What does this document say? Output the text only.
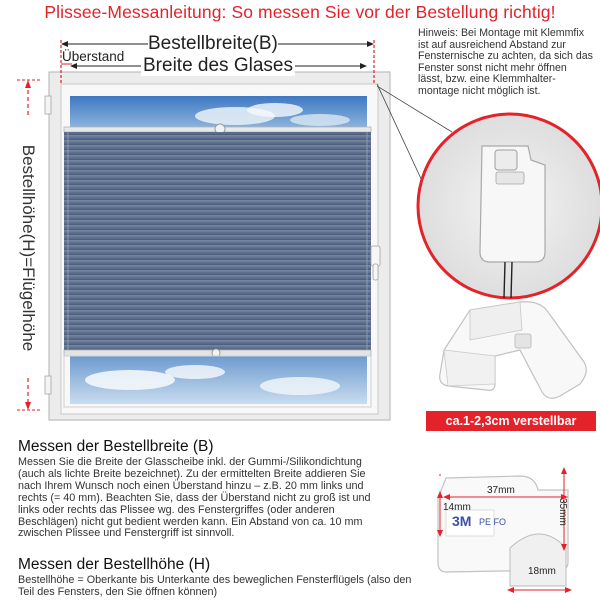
Plissee-Messanleitung: So messen Sie vor der Bestellung richtig!
Bestellbreite(B)
Überstand Breite des Glases
Bestellhöhe(H)=Flügelhöhe
Hinweis: Bei Montage mit Klemmfix ist auf ausreichend Abstand zur Fensternische zu achten, da sich das Fenster sonst nicht mehr öffnen lässt, bzw. eine Klemmhalter-montage nicht möglich ist.
ca.1-2,3cm verstellbar
37mm
35mm
14mm
18mm
3M PE FO
Messen der Bestellbreite (B)
Messen Sie die Breite der Glasscheibe inkl. der Gummi-/Silikondichtung (auch als lichte Breite bezeichnet). Zu der ermittelten Breite addieren Sie nach Ihrem Wunsch noch einen Überstand hinzu – z.B. 20 mm links und rechts (= 40 mm). Beachten Sie, dass der Überstand nicht zu groß ist und links oder rechts das Plissee wg. des Fenstergriffes (oder anderen Beschlägen) nicht gut bedient werden kann. Ein Abstand von ca. 10 mm zwischen Plissee und Fenstergriff ist sinnvoll.
Messen der Bestellhöhe (H)
Bestellhöhe = Oberkante bis Unterkante des beweglichen Fensterflügels (also den Teil des Fensters, den Sie öffnen können)
